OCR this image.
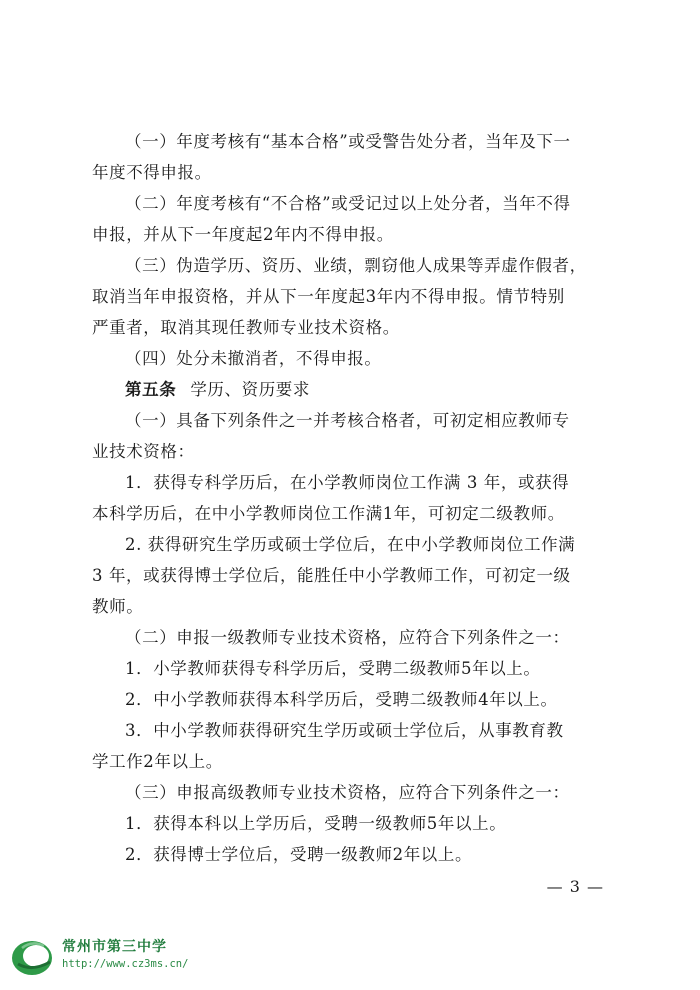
（一）年度考核有“基本合格”或受警告处分者，当年及下一
年度不得申报。

（二）年度考核有“不合格”或受记过以上处分者，当年不得
申报，并从下一年度起2年内不得申报。

（三）伪造学历、资历、业绩，剽窃他人成果等弄虚作假者，
取消当年申报资格，并从下一年度起3年内不得申报。情节特别
严重者，取消其现任教师专业技术资格。

（四）处分未撤消者，不得申报。

第五条 学历、资历要求

（一）具备下列条件之一并考核合格者，可初定相应教师专
业技术资格：

1．获得专科学历后，在小学教师岗位工作满 3 年，或获得
本科学历后，在中小学教师岗位工作满1年，可初定二级教师。

2. 获得研究生学历或硕士学位后，在中小学教师岗位工作满
3 年，或获得博士学位后，能胜任中小学教师工作，可初定一级
教师。

（二）申报一级教师专业技术资格，应符合下列条件之一：

1．小学教师获得专科学历后，受聘二级教师5年以上。

2．中小学教师获得本科学历后，受聘二级教师4年以上。

3．中小学教师获得研究生学历或硕士学位后，从事教育教
学工作2年以上。

（三）申报高级教师专业技术资格，应符合下列条件之一：

1．获得本科以上学历后，受聘一级教师5年以上。

2．获得博士学位后，受聘一级教师2年以上。

— 3 —
常州市第三中学
http://www.cz3ms.cn/
